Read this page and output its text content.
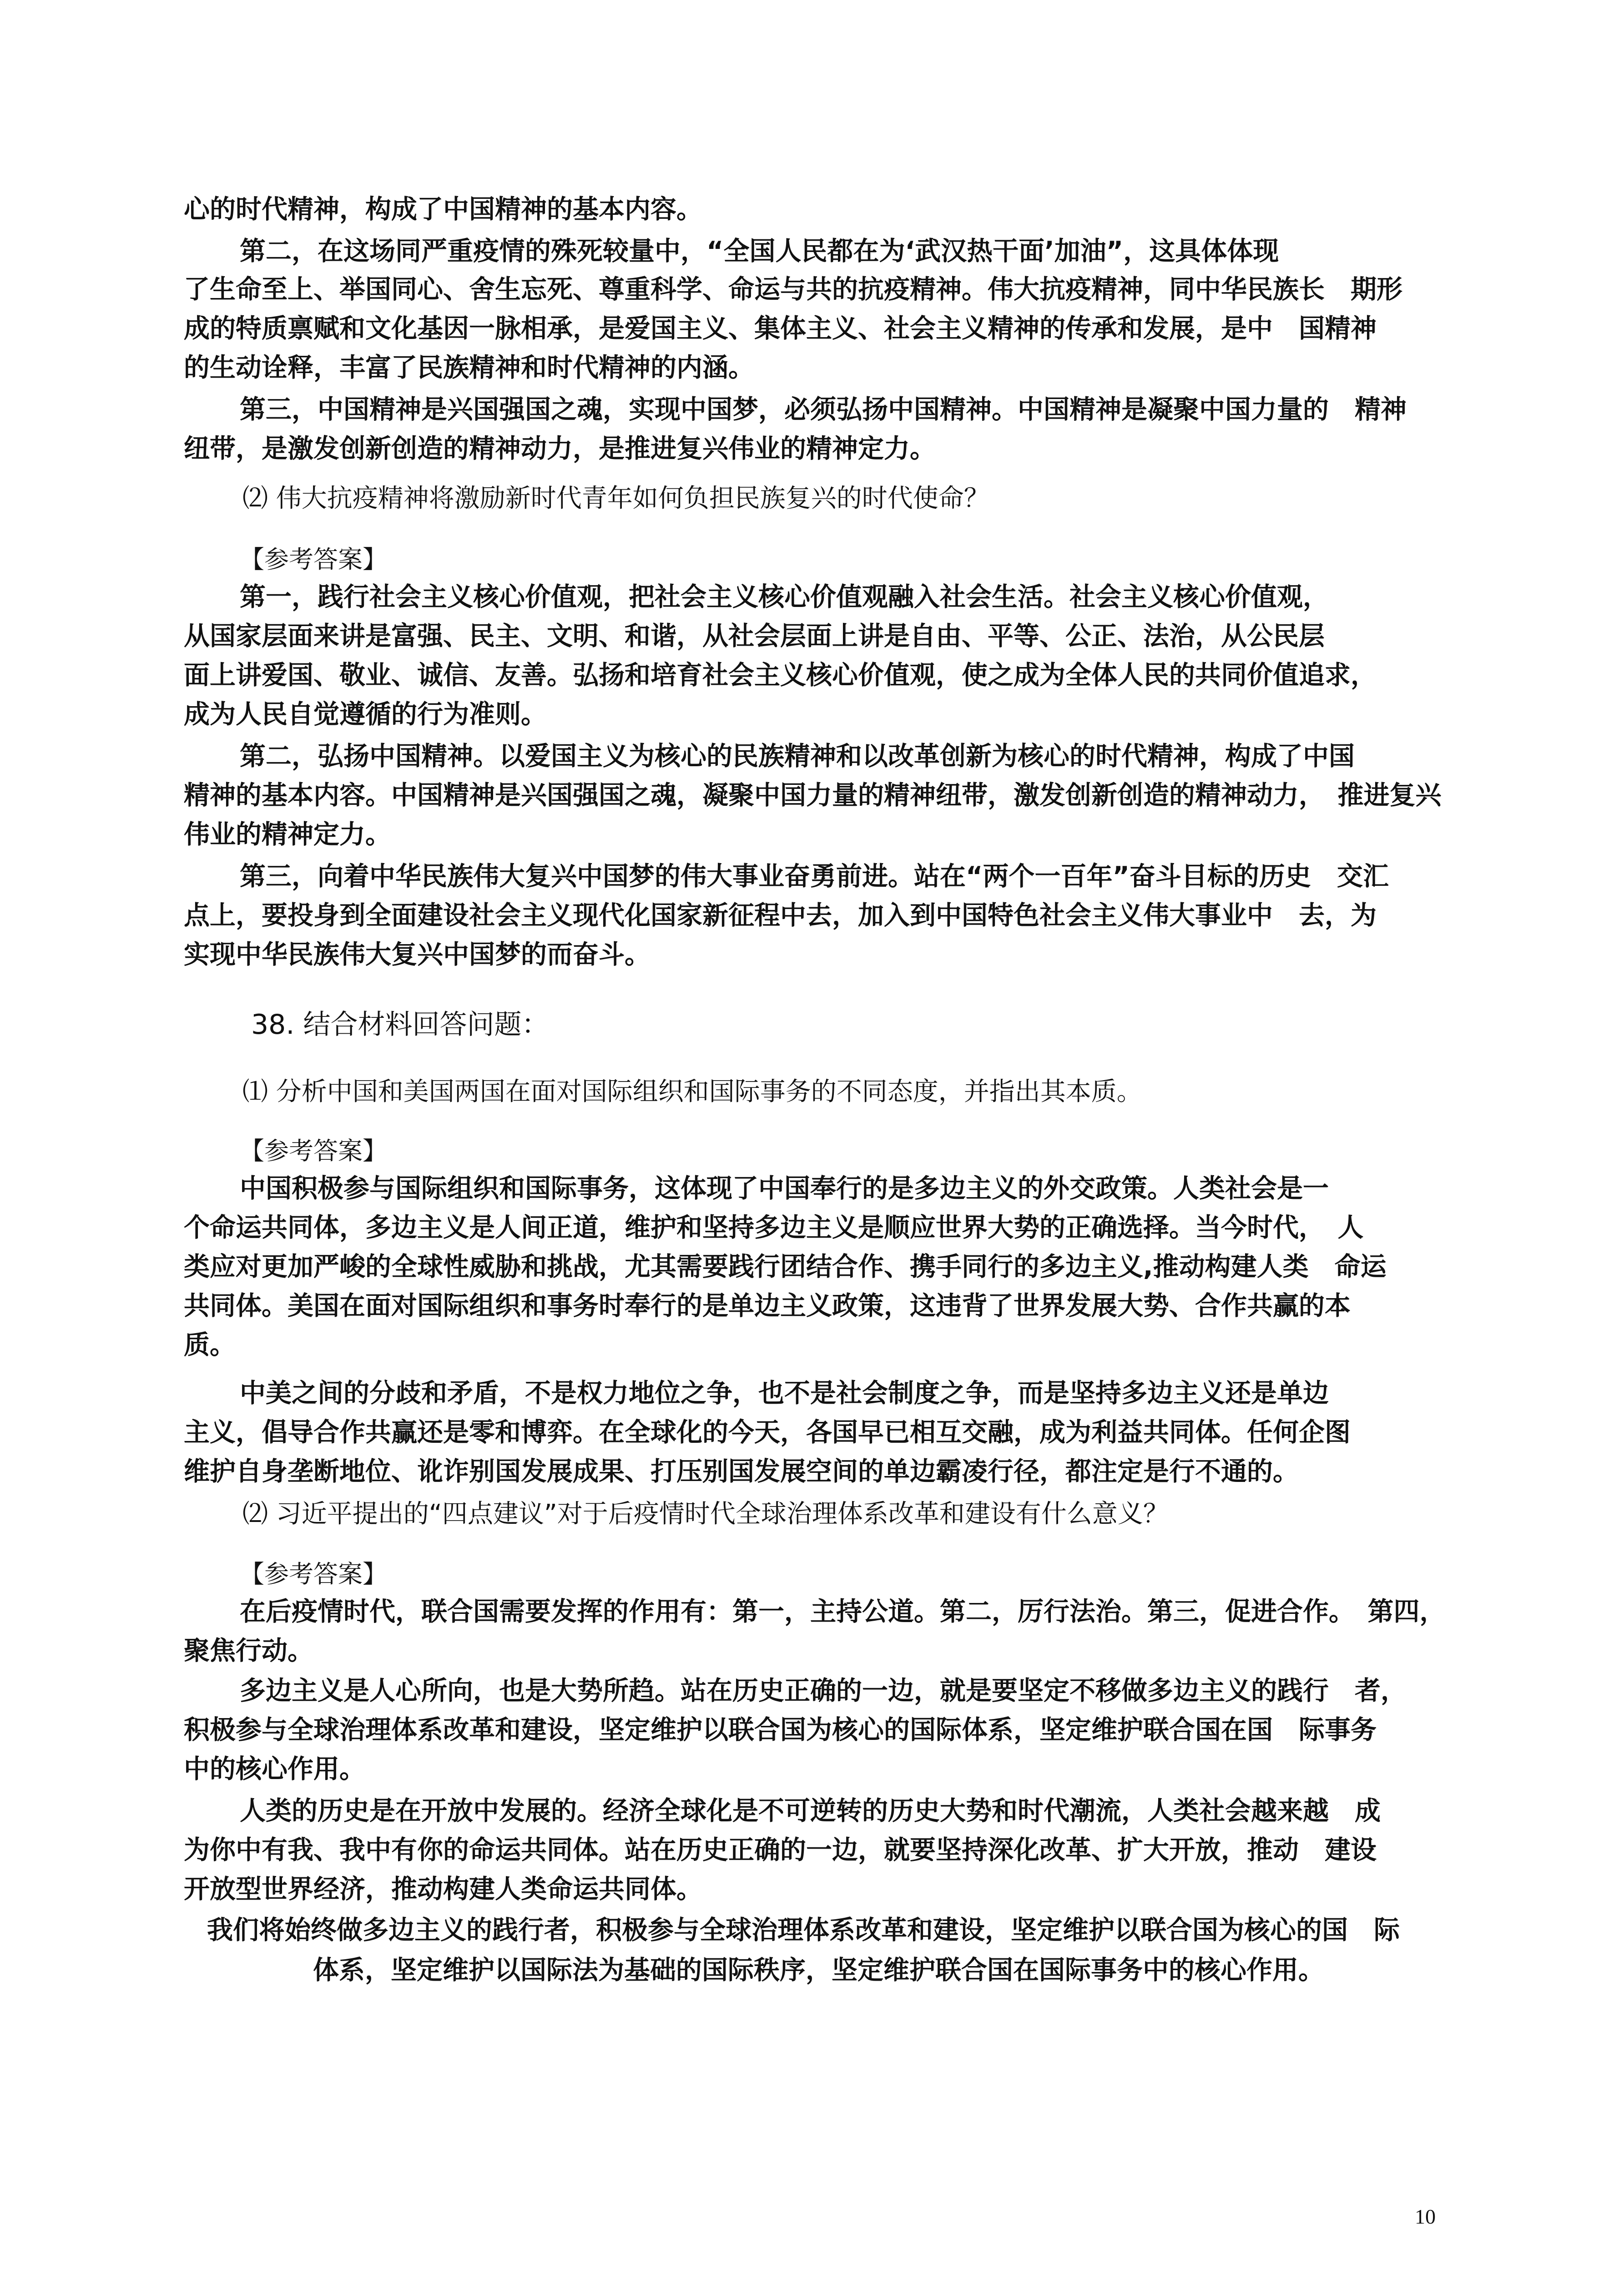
心的时代精神，构成了中国精神的基本内容。
第二，在这场同严重疫情的殊死较量中，“全国人民都在为‘武汉热干面’加油”，这具体体现
了生命至上、举国同心、舍生忘死、尊重科学、命运与共的抗疫精神。伟大抗疫精神，同中华民族长　期形
成的特质禀赋和文化基因一脉相承，是爱国主义、集体主义、社会主义精神的传承和发展，是中　国精神
的生动诠释，丰富了民族精神和时代精神的内涵。
第三，中国精神是兴国强国之魂，实现中国梦，必须弘扬中国精神。中国精神是凝聚中国力量的　精神
纽带，是激发创新创造的精神动力，是推进复兴伟业的精神定力。
⑵ 伟大抗疫精神将激励新时代青年如何负担民族复兴的时代使命？
【参考答案】
第一，践行社会主义核心价值观，把社会主义核心价值观融入社会生活。社会主义核心价值观，
从国家层面来讲是富强、民主、文明、和谐，从社会层面上讲是自由、平等、公正、法治，从公民层
面上讲爱国、敬业、诚信、友善。弘扬和培育社会主义核心价值观，使之成为全体人民的共同价值追求，
成为人民自觉遵循的行为准则。
第二，弘扬中国精神。以爱国主义为核心的民族精神和以改革创新为核心的时代精神，构成了中国
精神的基本内容。中国精神是兴国强国之魂，凝聚中国力量的精神纽带，激发创新创造的精神动力，　推进复兴
伟业的精神定力。
第三，向着中华民族伟大复兴中国梦的伟大事业奋勇前进。站在“两个一百年”奋斗目标的历史　交汇
点上，要投身到全面建设社会主义现代化国家新征程中去，加入到中国特色社会主义伟大事业中　去，为
实现中华民族伟大复兴中国梦的而奋斗。
38. 结合材料回答问题：
⑴ 分析中国和美国两国在面对国际组织和国际事务的不同态度，并指出其本质。
【参考答案】
中国积极参与国际组织和国际事务，这体现了中国奉行的是多边主义的外交政策。人类社会是一
个命运共同体，多边主义是人间正道，维护和坚持多边主义是顺应世界大势的正确选择。当今时代，　人
类应对更加严峻的全球性威胁和挑战，尤其需要践行团结合作、携手同行的多边主义,推动构建人类　命运
共同体。美国在面对国际组织和事务时奉行的是单边主义政策，这违背了世界发展大势、合作共赢的本
质。
中美之间的分歧和矛盾，不是权力地位之争，也不是社会制度之争，而是坚持多边主义还是单边
主义，倡导合作共赢还是零和博弈。在全球化的今天，各国早已相互交融，成为利益共同体。任何企图
维护自身垄断地位、讹诈别国发展成果、打压别国发展空间的单边霸凌行径，都注定是行不通的。
⑵ 习近平提出的“四点建议”对于后疫情时代全球治理体系改革和建设有什么意义？
【参考答案】
在后疫情时代，联合国需要发挥的作用有：第一，主持公道。第二，厉行法治。第三，促进合作。　第四，
聚焦行动。
多边主义是人心所向，也是大势所趋。站在历史正确的一边，就是要坚定不移做多边主义的践行　者，
积极参与全球治理体系改革和建设，坚定维护以联合国为核心的国际体系，坚定维护联合国在国　际事务
中的核心作用。
人类的历史是在开放中发展的。经济全球化是不可逆转的历史大势和时代潮流，人类社会越来越　成
为你中有我、我中有你的命运共同体。站在历史正确的一边，就要坚持深化改革、扩大开放，推动　建设
开放型世界经济，推动构建人类命运共同体。
我们将始终做多边主义的践行者，积极参与全球治理体系改革和建设，坚定维护以联合国为核心的国　际
体系，坚定维护以国际法为基础的国际秩序，坚定维护联合国在国际事务中的核心作用。
10
